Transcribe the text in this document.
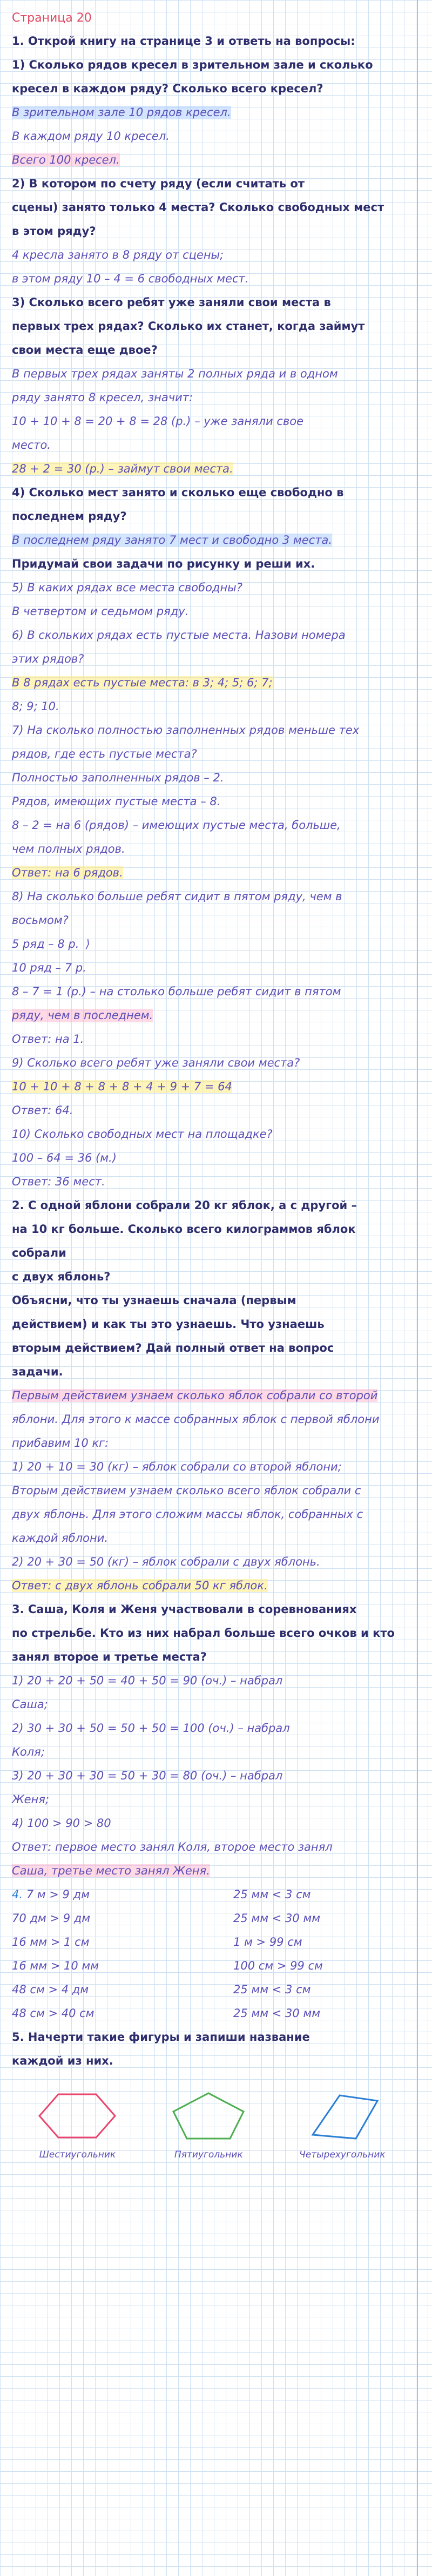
Страница 20

1. Открой книгу на странице 3 и ответь на вопросы:

1) Сколько рядов кресел в зрительном зале и сколько

кресел в каждом ряду? Сколько всего кресел?

В зрительном зале 10 рядов кресел.

В каждом ряду 10 кресел.

Всего 100 кресел.

2) В котором по счету ряду (если считать от

сцены) занято только 4 места? Сколько свободных мест

в этом ряду?

4 кресла занято в 8 ряду от сцены;

в этом ряду 10 – 4 = 6 свободных мест.

3) Сколько всего ребят уже заняли свои места в

первых трех рядах? Сколько их станет, когда займут

свои места еще двое?

В первых трех рядах заняты 2 полных ряда и в одном

ряду занято 8 кресел, значит:

10 + 10 + 8 = 20 + 8 = 28 (р.) – уже заняли свое

место.

28 + 2 = 30 (р.) – займут свои места.

4) Сколько мест занято и сколько еще свободно в

последнем ряду?

В последнем ряду занято 7 мест и свободно 3 места.

Придумай свои задачи по рисунку и реши их.

5) В каких рядах все места свободны?

В четвертом и седьмом ряду.

6) В скольких рядах есть пустые места. Назови номера

этих рядов?

В 8 рядах есть пустые места: в 3; 4; 5; 6; 7;

8; 9; 10.

7) На сколько полностью заполненных рядов меньше тех

рядов, где есть пустые места?

Полностью заполненных рядов – 2.

Рядов, имеющих пустые места – 8.

8 – 2 = на 6 (рядов) – имеющих пустые места, больше,

чем полных рядов.

Ответ: на 6 рядов.

8) На сколько больше ребят сидит в пятом ряду, чем в

восьмом?

5 ряд – 8 р. ⟩

10 ряд – 7 р.

8 – 7 = 1 (р.) – на столько больше ребят сидит в пятом

ряду, чем в последнем.

Ответ: на 1.

9) Сколько всего ребят уже заняли свои места?

10 + 10 + 8 + 8 + 8 + 4 + 9 + 7 = 64

Ответ: 64.

10) Сколько свободных мест на площадке?

100 – 64 = 36 (м.)

Ответ: 36 мест.

2. С одной яблони собрали 20 кг яблок, а с другой –

на 10 кг больше. Сколько всего килограммов яблок собрали

с двух яблонь?

Объясни, что ты узнаешь сначала (первым

действием) и как ты это узнаешь. Что узнаешь

вторым действием? Дай полный ответ на вопрос

задачи.

Первым действием узнаем сколько яблок собрали со второй

яблони. Для этого к массе собранных яблок с первой яблони

прибавим 10 кг:

1) 20 + 10 = 30 (кг) – яблок собрали со второй яблони;

Вторым действием узнаем сколько всего яблок собрали с

двух яблонь. Для этого сложим массы яблок, собранных с

каждой яблони.

2) 20 + 30 = 50 (кг) – яблок собрали с двух яблонь.

Ответ: с двух яблонь собрали 50 кг яблок.

3. Саша, Коля и Женя участвовали в соревнованиях

по стрельбе. Кто из них набрал больше всего очков и кто

занял второе и третье места?

1) 20 + 20 + 50 = 40 + 50 = 90 (оч.) – набрал

Саша;

2) 30 + 30 + 50 = 50 + 50 = 100 (оч.) – набрал

Коля;

3) 20 + 30 + 30 = 50 + 30 = 80 (оч.) – набрал

Женя;

4) 100 > 90 > 80

Ответ: первое место занял Коля, второе место занял

Саша, третье место занял Женя.

4. 7 м > 9 дм	25 мм < 3 см
70 дм > 9 дм	25 мм < 30 мм
16 мм > 1 см	1 м > 99 см
16 мм > 10 мм	100 см > 99 см
48 см > 4 дм	25 мм < 3 см
48 см > 40 см	25 мм < 30 мм

5. Начерти такие фигуры и запиши название

каждой из них.

Шестиугольник	Пятиугольник	Четырехугольник
